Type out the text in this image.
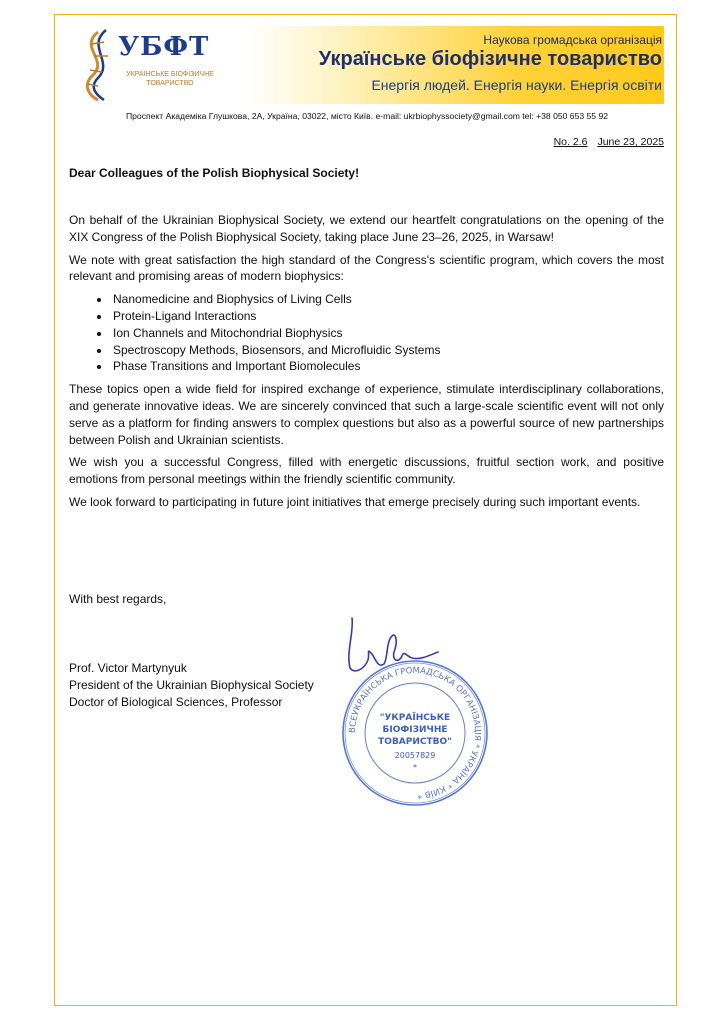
УБФТ
УКРАЇНСЬКЕ БІОФІЗИЧНЕ ТОВАРИСТВО
Наукова громадська організація
Українське біофізичне товариство
Енергія людей. Енергія науки. Енергія освіти
Проспект Академіка Глушкова, 2А, Україна, 03022, місто Київ. e-mail: ukrbiophyssociety@gmail.com tel: +38 050 653 55 92
No. 2.6 June 23, 2025
Dear Colleagues of the Polish Biophysical Society!

On behalf of the Ukrainian Biophysical Society, we extend our heartfelt congratulations on the opening of the XIX Congress of the Polish Biophysical Society, taking place June 23–26, 2025, in Warsaw!

We note with great satisfaction the high standard of the Congress's scientific program, which covers the most relevant and promising areas of modern biophysics:

• Nanomedicine and Biophysics of Living Cells
• Protein-Ligand Interactions
• Ion Channels and Mitochondrial Biophysics
• Spectroscopy Methods, Biosensors, and Microfluidic Systems
• Phase Transitions and Important Biomolecules

These topics open a wide field for inspired exchange of experience, stimulate interdisciplinary collaborations, and generate innovative ideas. We are sincerely convinced that such a large-scale scientific event will not only serve as a platform for finding answers to complex questions but also as a powerful source of new partnerships between Polish and Ukrainian scientists.

We wish you a successful Congress, filled with energetic discussions, fruitful section work, and positive emotions from personal meetings within the friendly scientific community.

We look forward to participating in future joint initiatives that emerge precisely during such important events.

With best regards,
Prof. Victor Martynyuk
President of the Ukrainian Biophysical Society
Doctor of Biological Sciences, Professor
ВСЕУКРАЇНСЬКА ГРОМАДСЬКА ОРГАНІЗАЦІЯ * УКРАЇНА * КИЇВ *
"УКРАЇНСЬКЕ
БІОФІЗИЧНЕ
ТОВАРИСТВО"
20057829
*
